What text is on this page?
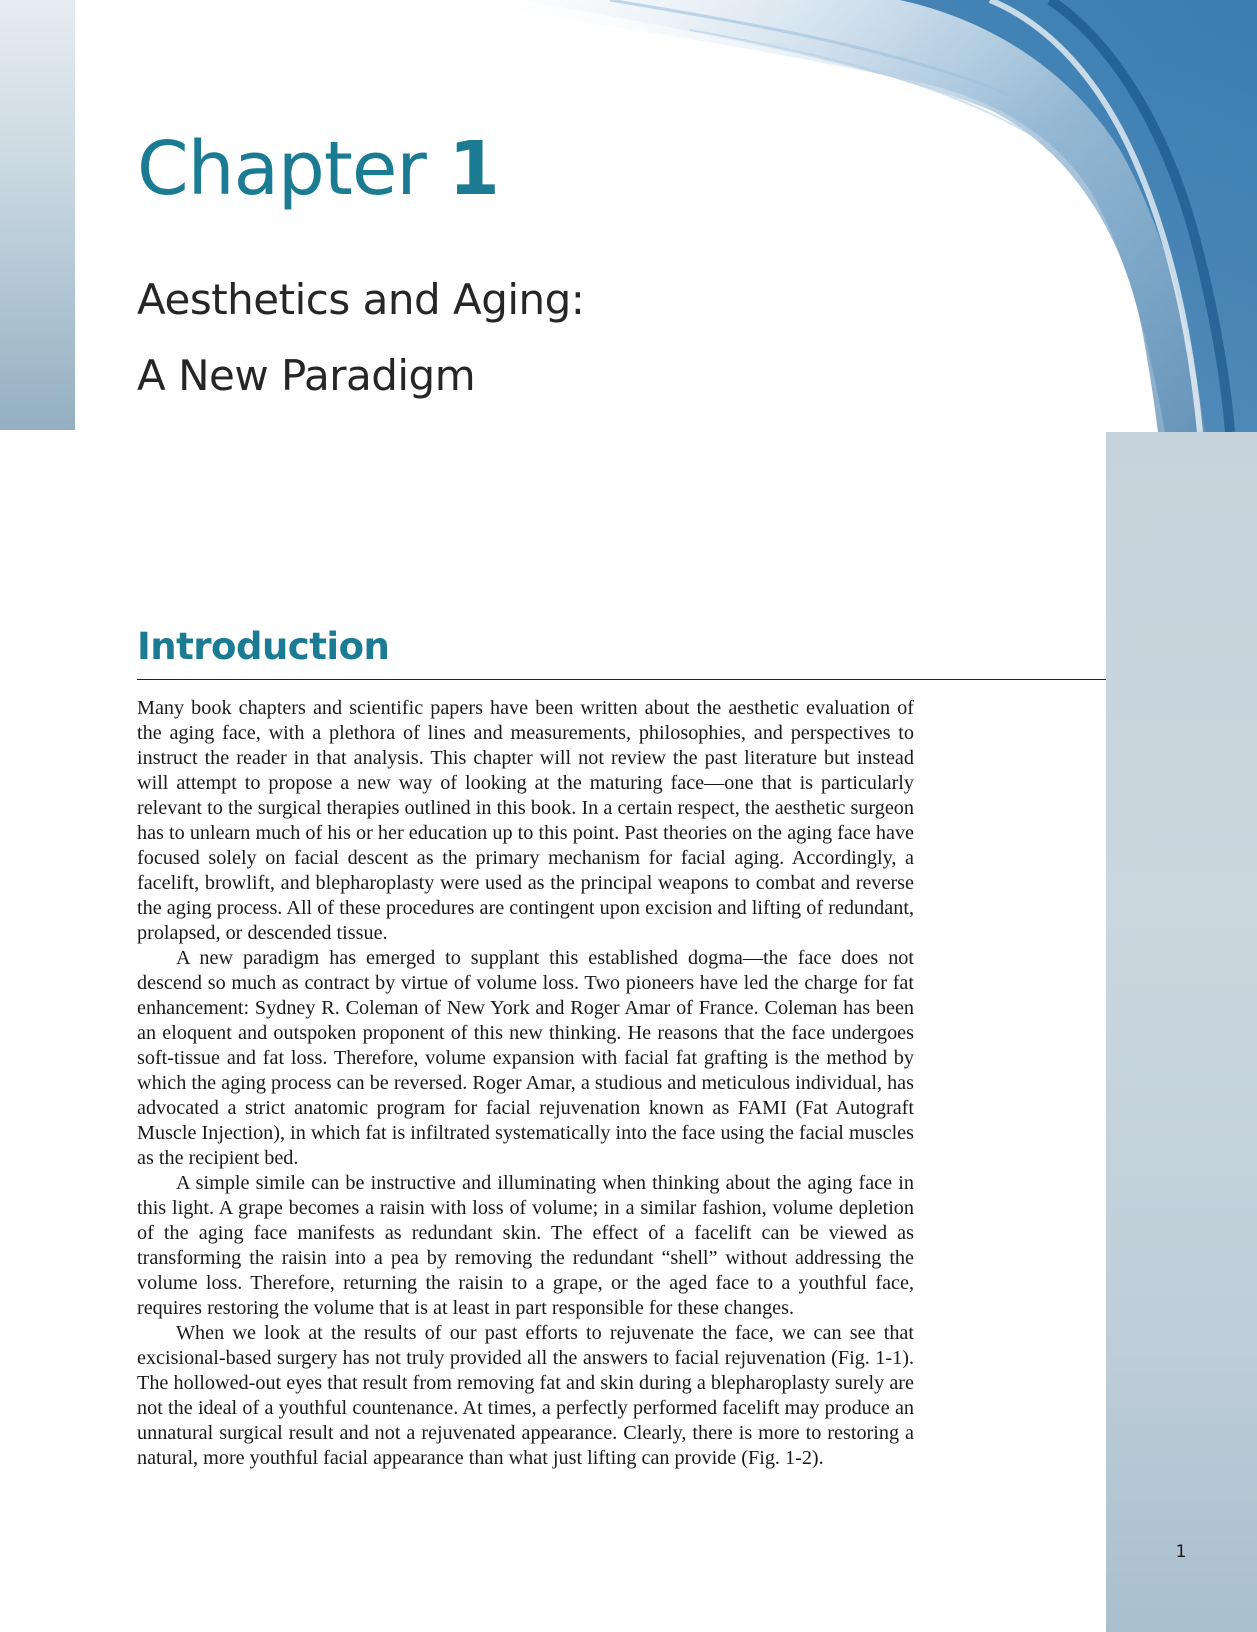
Chapter 1
Aesthetics and Aging:
A New Paradigm
Introduction

Many book chapters and scientific papers have been written about the aesthetic evaluation of the aging face, with a plethora of lines and measurements, philosophies, and perspectives to instruct the reader in that analysis. This chapter will not review the past literature but instead will attempt to propose a new way of looking at the maturing face—one that is particularly relevant to the surgical therapies outlined in this book. In a certain respect, the aesthetic surgeon has to unlearn much of his or her education up to this point. Past theories on the aging face have focused solely on facial descent as the primary mechanism for facial aging. Accordingly, a facelift, browlift, and blepharoplasty were used as the principal weapons to combat and reverse the aging process. All of these procedures are contingent upon excision and lifting of redundant, prolapsed, or descended tissue.

A new paradigm has emerged to supplant this established dogma—the face does not descend so much as contract by virtue of volume loss. Two pioneers have led the charge for fat enhancement: Sydney R. Coleman of New York and Roger Amar of France. Coleman has been an eloquent and outspoken proponent of this new thinking. He reasons that the face undergoes soft-tissue and fat loss. Therefore, volume expansion with facial fat grafting is the method by which the aging process can be reversed. Roger Amar, a studious and meticulous individual, has advocated a strict anatomic program for facial rejuvenation known as FAMI (Fat Autograft Muscle Injection), in which fat is infiltrated systematically into the face using the facial muscles as the recipient bed.

A simple simile can be instructive and illuminating when thinking about the aging face in this light. A grape becomes a raisin with loss of volume; in a similar fashion, volume depletion of the aging face manifests as redundant skin. The effect of a facelift can be viewed as transforming the raisin into a pea by removing the redundant “shell” without addressing the volume loss. Therefore, returning the raisin to a grape, or the aged face to a youthful face, requires restoring the volume that is at least in part responsible for these changes.

When we look at the results of our past efforts to rejuvenate the face, we can see that excisional-based surgery has not truly provided all the answers to facial rejuvenation (Fig. 1-1). The hollowed-out eyes that result from removing fat and skin during a blepharoplasty surely are not the ideal of a youthful countenance. At times, a perfectly performed facelift may produce an unnatural surgical result and not a rejuvenated appearance. Clearly, there is more to restoring a natural, more youthful facial appearance than what just lifting can provide (Fig. 1-2).

1
